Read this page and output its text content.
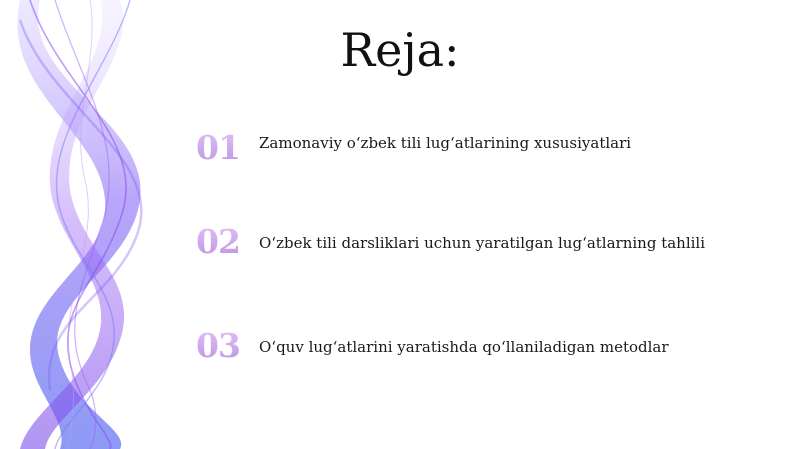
Reja:
01	Zamonaviy o‘zbek tili lug‘atlarining xususiyatlari
02	O‘zbek tili darsliklari uchun yaratilgan lug‘atlarning tahlili
03	O‘quv lug‘atlarini yaratishda qo‘llaniladigan metodlar
